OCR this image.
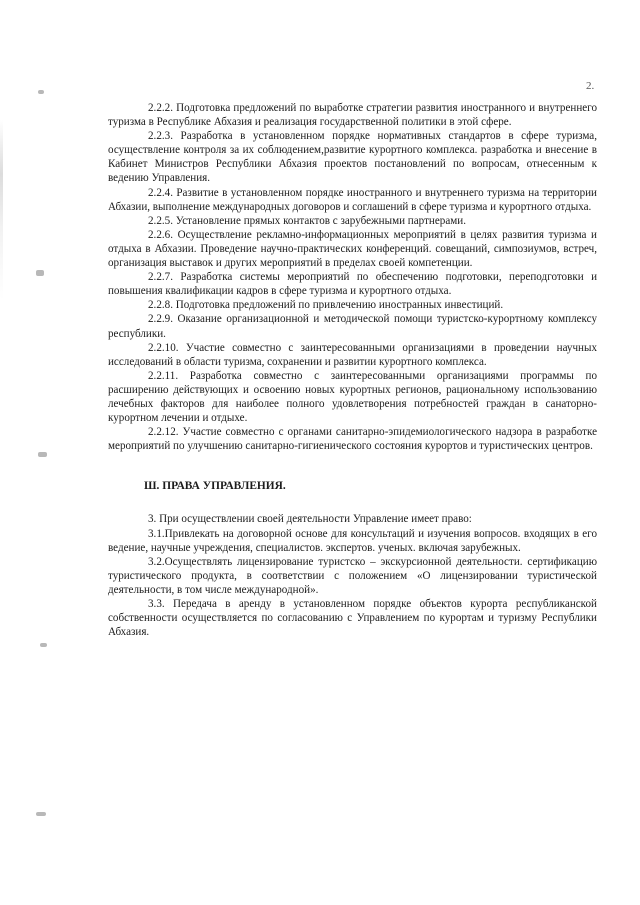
2.

2.2.2. Подготовка предложений по выработке стратегии развития иностранного и внутреннего туризма в Республике Абхазия и реализация государственной политики в этой сфере.

2.2.3. Разработка в установленном порядке нормативных стандартов в сфере туризма, осуществление контроля за их соблюдением,развитие курортного комплекса. разработка и внесение в Кабинет Министров Республики Абхазия проектов постановлений по вопросам, отнесенным к ведению Управления.

2.2.4. Развитие в установленном порядке иностранного и внутреннего туризма на территории Абхазии, выполнение международных договоров и соглашений в сфере туризма и курортного отдыха.

2.2.5. Установление прямых контактов с зарубежными партнерами.

2.2.6. Осуществление рекламно-информационных мероприятий в целях развития туризма и отдыха в Абхазии. Проведение научно-практических конференций. совещаний, симпозиумов, встреч, организация выставок и других мероприятий в пределах своей компетенции.

2.2.7. Разработка системы мероприятий по обеспечению подготовки, переподготовки и повышения квалификации кадров в сфере туризма и курортного отдыха.

2.2.8. Подготовка предложений по привлечению иностранных инвестиций.

2.2.9. Оказание организационной и методической помощи туристско-курортному комплексу республики.

2.2.10. Участие совместно с заинтересованными организациями в проведении научных исследований в области туризма, сохранении и развитии курортного комплекса.

2.2.11. Разработка совместно с заинтересованными организациями программы по расширению действующих и освоению новых курортных регионов, рациональному использованию лечебных факторов для наиболее полного удовлетворения потребностей граждан в санаторно-курортном лечении и отдыхе.

2.2.12. Участие совместно с органами санитарно-эпидемиологического надзора в разработке мероприятий по улучшению санитарно-гигиенического состояния курортов и туристических центров.

Ш. ПРАВА УПРАВЛЕНИЯ.

3. При осуществлении своей деятельности Управление имеет право:

3.1.Привлекать на договорной основе для консультаций и изучения вопросов. входящих в его ведение, научные учреждения, специалистов. экспертов. ученых. включая зарубежных.

3.2.Осуществлять лицензирование туристско – экскурсионной деятельности. сертификацию туристического продукта, в соответствии с положением «О лицензировании туристической деятельности, в том числе международной».

3.3. Передача в аренду в установленном порядке объектов курорта республиканской собственности осуществляется по согласованию с Управлением по курортам и туризму Республики Абхазия.
